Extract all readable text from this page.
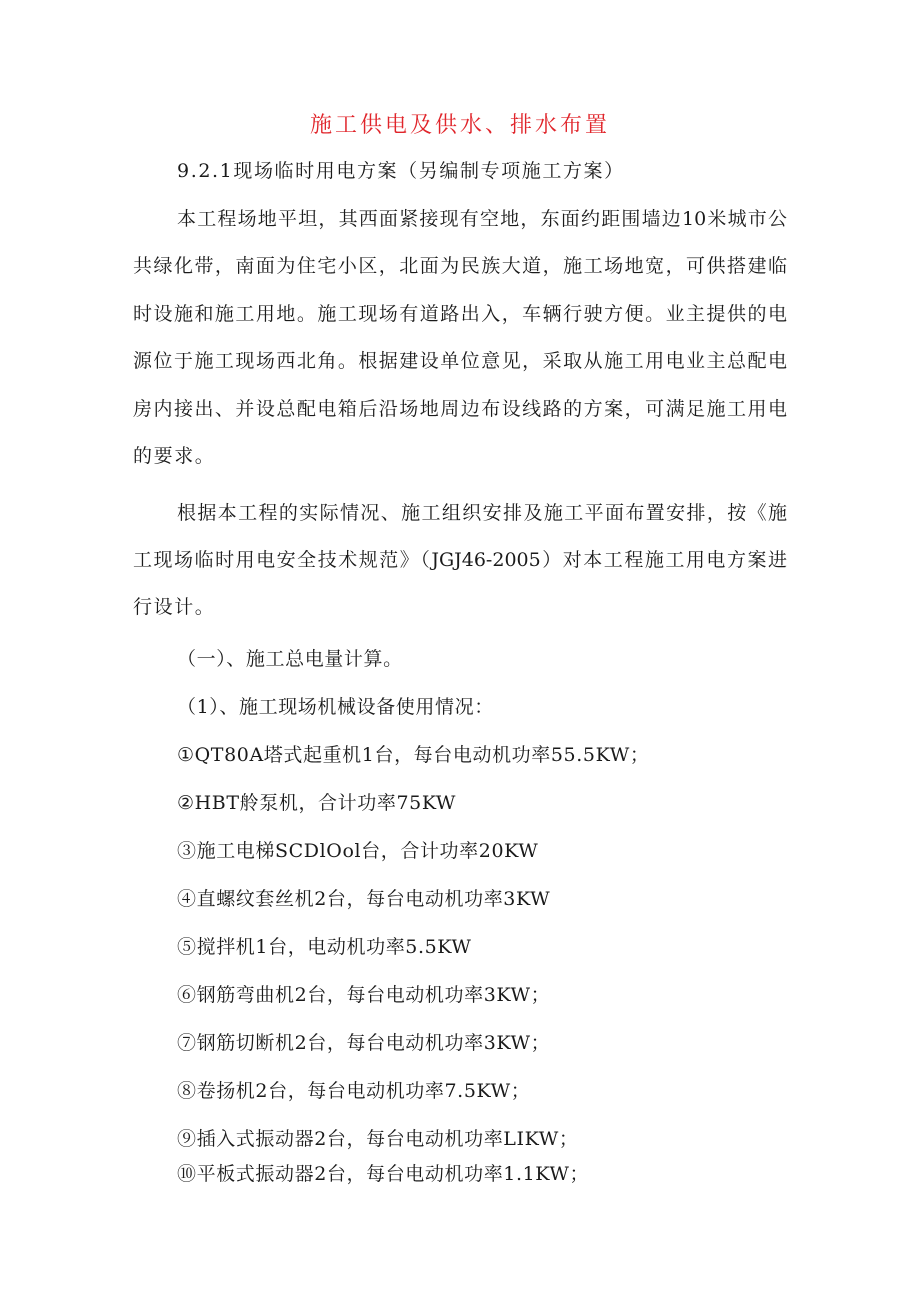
施工供电及供水、排水布置
9.2.1现场临时用电方案（另编制专项施工方案）
本工程场地平坦，其西面紧接现有空地，东面约距围墙边10米城市公
共绿化带，南面为住宅小区，北面为民族大道，施工场地宽，可供搭建临
时设施和施工用地。施工现场有道路出入，车辆行驶方便。业主提供的电
源位于施工现场西北角。根据建设单位意见，采取从施工用电业主总配电
房内接出、并设总配电箱后沿场地周边布设线路的方案，可满足施工用电
的要求。
根据本工程的实际情况、施工组织安排及施工平面布置安排，按《施
工现场临时用电安全技术规范》（JGJ46-2005）对本工程施工用电方案进
行设计。
（一）、施工总电量计算。
（1）、施工现场机械设备使用情况：
①QT80A塔式起重机1台，每台电动机功率55.5KW；
②HBT舲泵机，合计功率75KW
③施工电梯SCDlOol台，合计功率20KW
④直螺纹套丝机2台，每台电动机功率3KW
⑤搅拌机1台，电动机功率5.5KW
⑥钢筋弯曲机2台，每台电动机功率3KW；
⑦钢筋切断机2台，每台电动机功率3KW；
⑧卷扬机2台，每台电动机功率7.5KW；
⑨插入式振动器2台，每台电动机功率LIKW；
⑩平板式振动器2台，每台电动机功率1.1KW；
